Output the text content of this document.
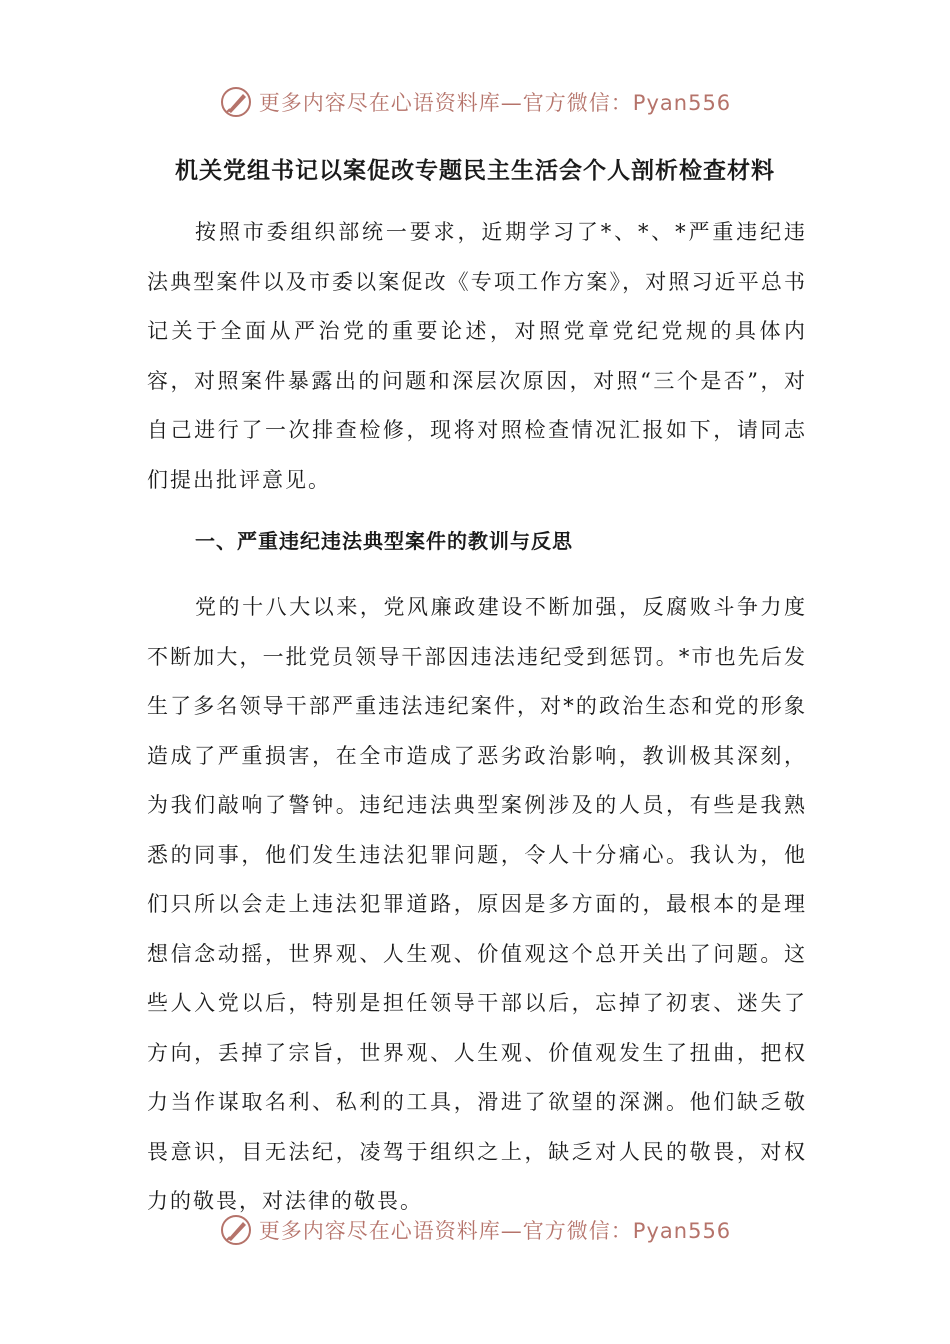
更多内容尽在心语资料库—官方微信：Pyan556
机关党组书记以案促改专题民主生活会个人剖析检查材料

按照市委组织部统一要求，近期学习了*、*、*严重违纪违法典型案件以及市委以案促改《专项工作方案》，对照习近平总书记关于全面从严治党的重要论述，对照党章党纪党规的具体内容，对照案件暴露出的问题和深层次原因，对照“三个是否”，对自己进行了一次排查检修，现将对照检查情况汇报如下，请同志们提出批评意见。

一、严重违纪违法典型案件的教训与反思

党的十八大以来，党风廉政建设不断加强，反腐败斗争力度不断加大，一批党员领导干部因违法违纪受到惩罚。*市也先后发生了多名领导干部严重违法违纪案件，对*的政治生态和党的形象造成了严重损害，在全市造成了恶劣政治影响，教训极其深刻，为我们敲响了警钟。违纪违法典型案例涉及的人员，有些是我熟悉的同事，他们发生违法犯罪问题，令人十分痛心。我认为，他们只所以会走上违法犯罪道路，原因是多方面的，最根本的是理想信念动摇，世界观、人生观、价值观这个总开关出了问题。这些人入党以后，特别是担任领导干部以后，忘掉了初衷、迷失了方向，丢掉了宗旨，世界观、人生观、价值观发生了扭曲，把权力当作谋取名利、私利的工具，滑进了欲望的深渊。他们缺乏敬畏意识，目无法纪，凌驾于组织之上，缺乏对人民的敬畏，对权力的敬畏，对法律的敬畏。

更多内容尽在心语资料库—官方微信：Pyan556
